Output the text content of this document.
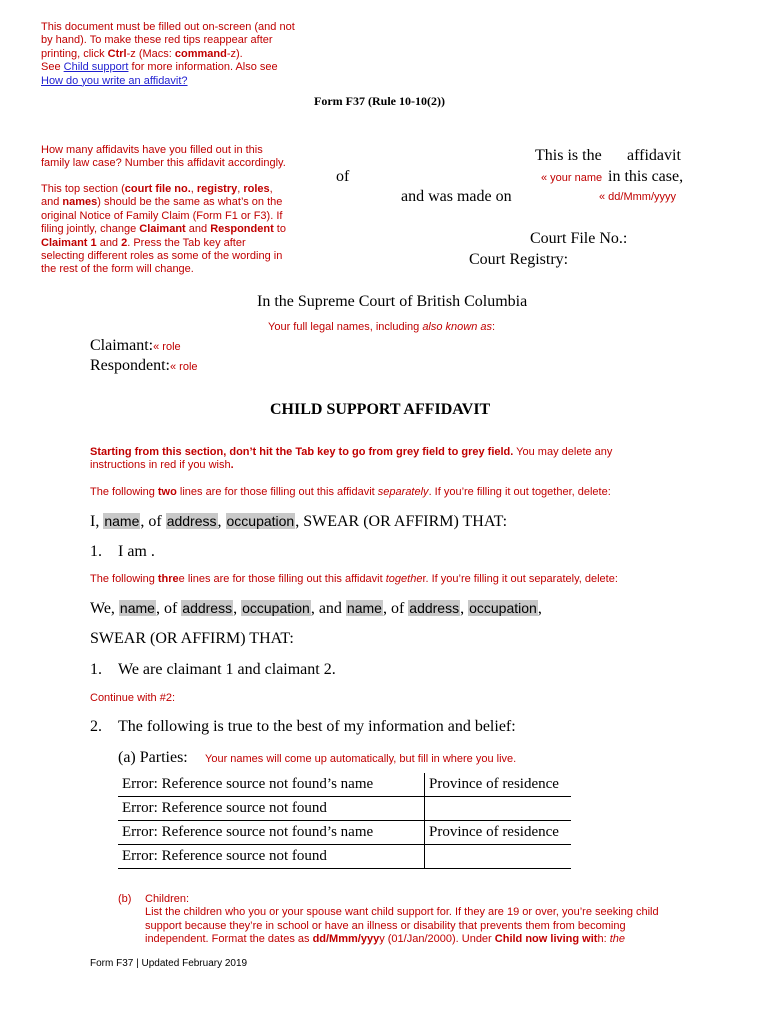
This document must be filled out on-screen (and not
by hand). To make these red tips reappear after
printing, click Ctrl-z (Macs: command-z).
See Child support for more information. Also see
How do you write an affidavit?
Form F37 (Rule 10-10(2))
How many affidavits have you filled out in this
family law case? Number this affidavit accordingly.
This top section (court file no., registry, roles,
and names) should be the same as what’s on the
original Notice of Family Claim (Form F1 or F3). If
filing jointly, change Claimant and Respondent to
Claimant 1 and 2. Press the Tab key after
selecting different roles as some of the wording in
the rest of the form will change.
This is the affidavit
of	« your name in this case,
and was made on	« dd/Mmm/yyyy
Court File No.:
Court Registry:
In the Supreme Court of British Columbia
Your full legal names, including also known as:
Claimant:« role
Respondent:« role
CHILD SUPPORT AFFIDAVIT
Starting from this section, don’t hit the Tab key to go from grey field to grey field. You may delete any
instructions in red if you wish.
The following two lines are for those filling out this affidavit separately. If you’re filling it out together, delete:
I, name, of address, occupation, SWEAR (OR AFFIRM) THAT:
1. I am .
The following three lines are for those filling out this affidavit together. If you’re filling it out separately, delete:
We, name, of address, occupation, and name, of address, occupation,
SWEAR (OR AFFIRM) THAT:
1. We are claimant 1 and claimant 2.
Continue with #2:
2. The following is true to the best of my information and belief:
(a) Parties: Your names will come up automatically, but fill in where you live.
Error: Reference source not found’s name	Province of residence
Error: Reference source not found	
Error: Reference source not found’s name	Province of residence
Error: Reference source not found	
(b) Children:
List the children who you or your spouse want child support for. If they are 19 or over, you’re seeking child
support because they’re in school or have an illness or disability that prevents them from becoming
independent. Format the dates as dd/Mmm/yyyy (01/Jan/2000). Under Child now living with: the
Form F37 | Updated February 2019
